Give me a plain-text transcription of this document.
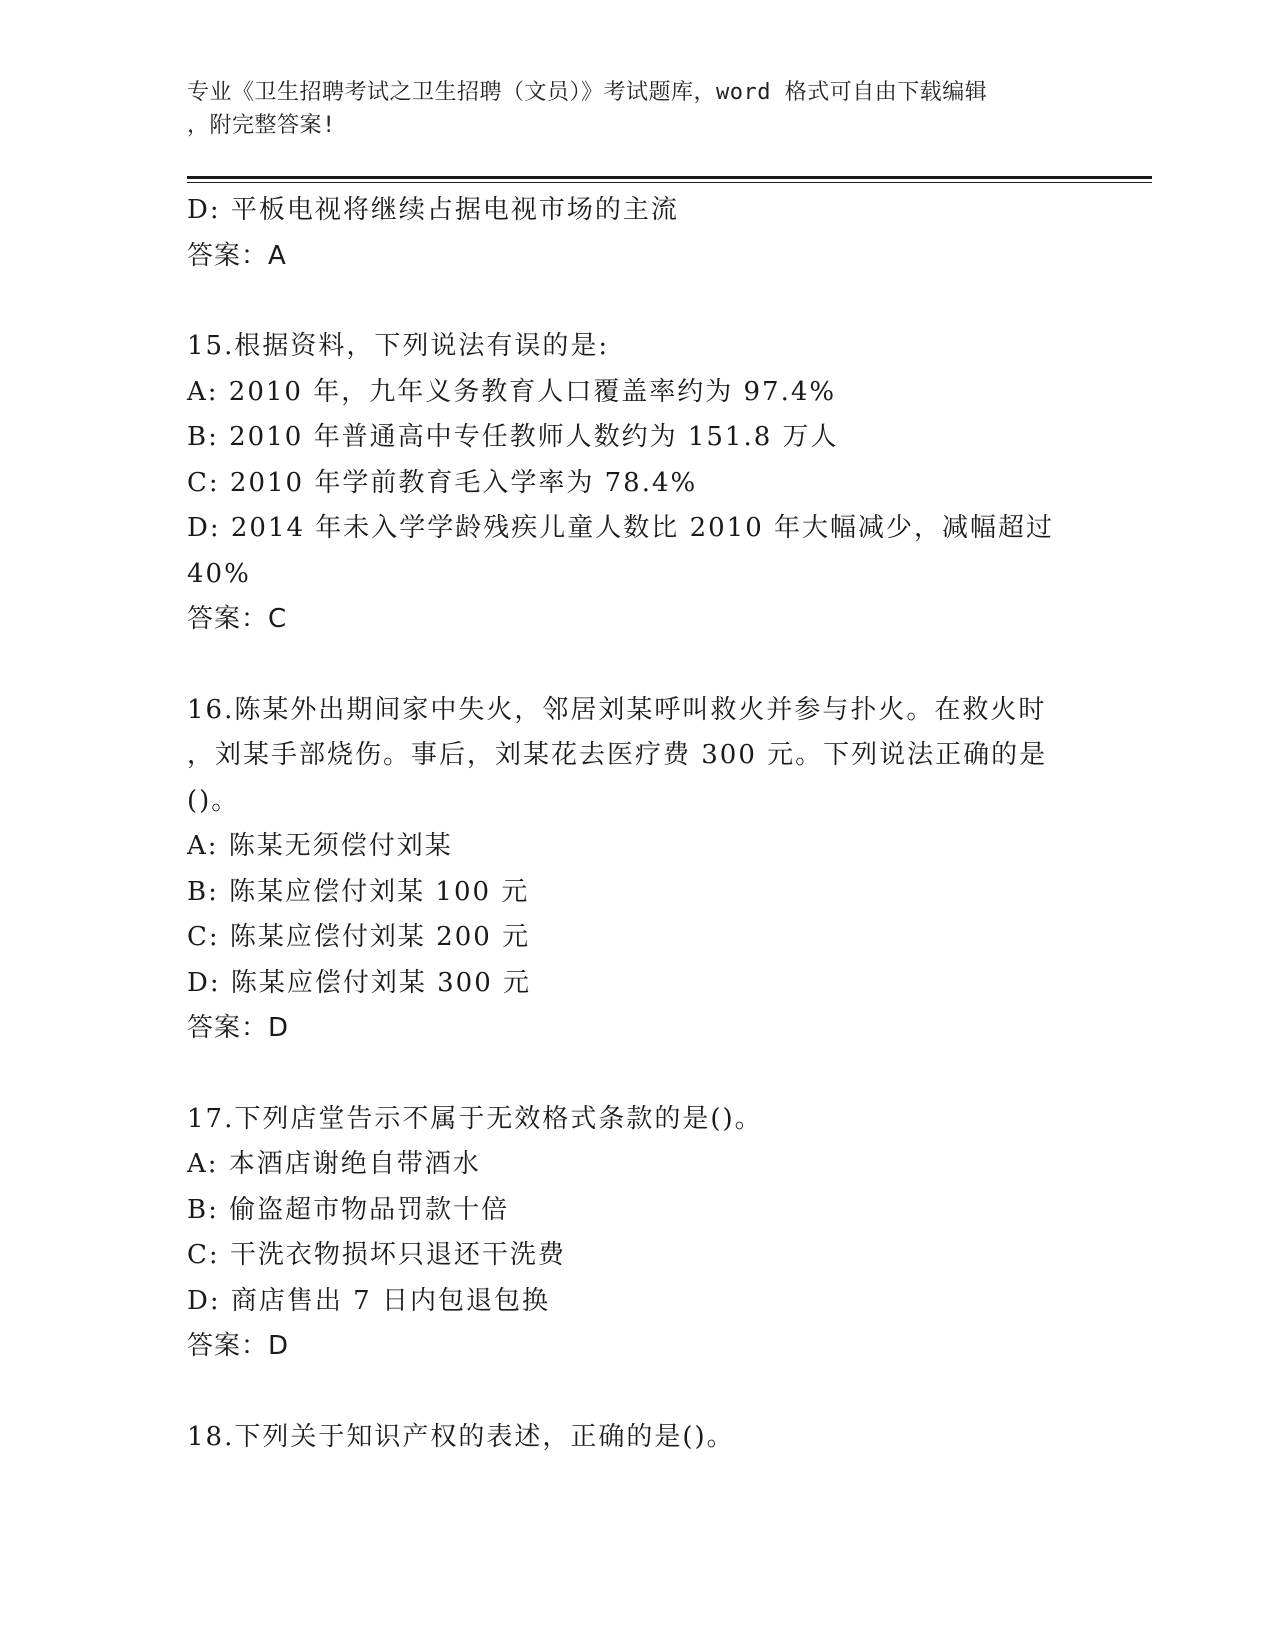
专业《卫生招聘考试之卫生招聘（文员）》考试题库，word 格式可自由下载编辑
，附完整答案!
D: 平板电视将继续占据电视市场的主流
答案：A
15.根据资料，下列说法有误的是:
A: 2010 年，九年义务教育人口覆盖率约为 97.4%
B: 2010 年普通高中专任教师人数约为 151.8 万人
C: 2010 年学前教育毛入学率为 78.4%
D: 2014 年未入学学龄残疾儿童人数比 2010 年大幅减少，减幅超过
40%
答案：C
16.陈某外出期间家中失火，邻居刘某呼叫救火并参与扑火。在救火时
，刘某手部烧伤。事后，刘某花去医疗费 300 元。下列说法正确的是
()。
A: 陈某无须偿付刘某
B: 陈某应偿付刘某 100 元
C: 陈某应偿付刘某 200 元
D: 陈某应偿付刘某 300 元
答案：D
17.下列店堂告示不属于无效格式条款的是()。
A: 本酒店谢绝自带酒水
B: 偷盗超市物品罚款十倍
C: 干洗衣物损坏只退还干洗费
D: 商店售出 7 日内包退包换
答案：D
18.下列关于知识产权的表述，正确的是()。
